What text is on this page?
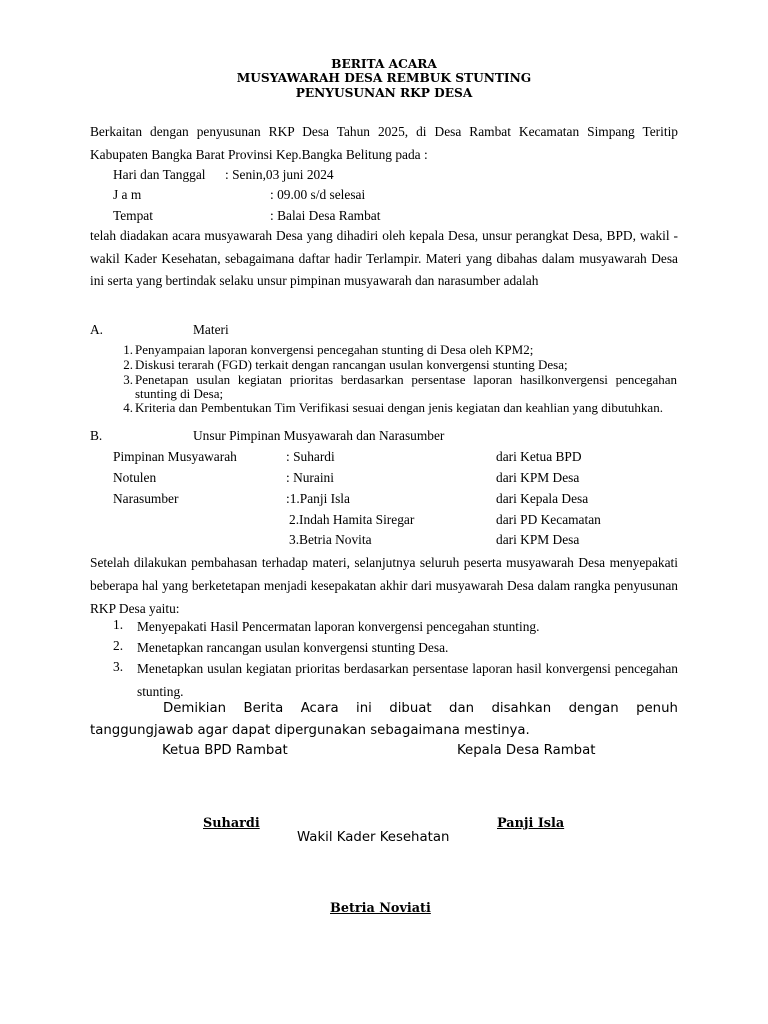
BERITA ACARA
MUSYAWARAH DESA REMBUK STUNTING
PENYUSUNAN RKP DESA
Berkaitan dengan penyusunan RKP Desa Tahun 2025, di Desa Rambat Kecamatan Simpang Teritip Kabupaten Bangka Barat Provinsi Kep.Bangka Belitung pada :
Hari dan Tanggal : Senin,03 juni 2024
J a m	: 09.00 s/d selesai
Tempat	: Balai Desa Rambat
telah diadakan acara musyawarah Desa yang dihadiri oleh kepala Desa, unsur perangkat Desa, BPD, wakil - wakil Kader Kesehatan, sebagaimana daftar hadir Terlampir. Materi yang dibahas dalam musyawarah Desa ini serta yang bertindak selaku unsur pimpinan musyawarah dan narasumber adalah
A.	Materi
1. Penyampaian laporan konvergensi pencegahan stunting di Desa oleh KPM2;
2. Diskusi terarah (FGD) terkait dengan rancangan usulan konvergensi stunting Desa;
3. Penetapan usulan kegiatan prioritas berdasarkan persentase laporan hasilkonvergensi pencegahan stunting di Desa;
4. Kriteria dan Pembentukan Tim Verifikasi sesuai dengan jenis kegiatan dan keahlian yang dibutuhkan.
B.	Unsur Pimpinan Musyawarah dan Narasumber
Pimpinan Musyawarah	: Suhardi	dari Ketua BPD
Notulen	: Nuraini	dari KPM Desa
Narasumber	:1.Panji Isla	dari Kepala Desa
2.Indah Hamita Siregar	dari PD Kecamatan
3.Betria Novita	dari KPM Desa
Setelah dilakukan pembahasan terhadap materi, selanjutnya seluruh peserta musyawarah Desa menyepakati beberapa hal yang berketetapan menjadi kesepakatan akhir dari musyawarah Desa dalam rangka penyusunan RKP Desa yaitu:
1. Menyepakati Hasil Pencermatan laporan konvergensi pencegahan stunting.
2. Menetapkan rancangan usulan konvergensi stunting Desa.
3. Menetapkan usulan kegiatan prioritas berdasarkan persentase laporan hasil konvergensi pencegahan stunting.
Demikian Berita Acara ini dibuat dan disahkan dengan penuh
tanggungjawab agar dapat dipergunakan sebagaimana mestinya.
Ketua BPD Rambat	Kepala Desa Rambat
Suhardi	Panji Isla
Wakil Kader Kesehatan
Betria Noviati
